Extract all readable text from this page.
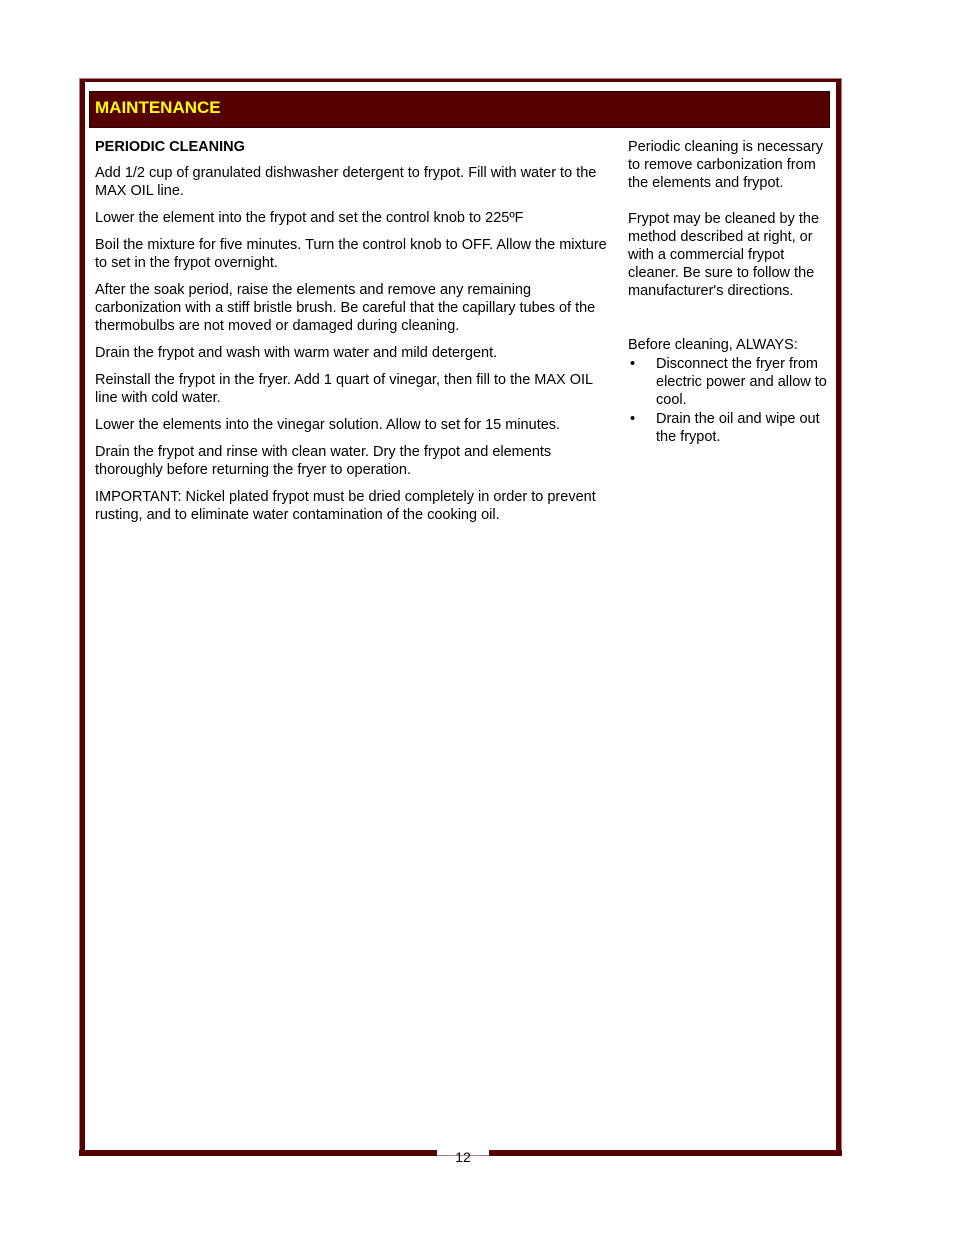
12
MAINTENANCE

PERIODIC CLEANING

Add 1/2 cup of granulated dishwasher detergent to frypot. Fill with water to the MAX OIL line.

Lower the element into the frypot and set the control knob to 225ºF

Boil the mixture for five minutes. Turn the control knob to OFF. Allow the mixture to set in the frypot overnight.

After the soak period, raise the elements and remove any remaining carbonization with a stiff bristle brush. Be careful that the capillary tubes of the thermobulbs are not moved or damaged during cleaning.

Drain the frypot and wash with warm water and mild detergent.

Reinstall the frypot in the fryer. Add 1 quart of vinegar, then fill to the MAX OIL line with cold water.

Lower the elements into the vinegar solution. Allow to set for 15 minutes.

Drain the frypot and rinse with clean water. Dry the frypot and elements thoroughly before returning the fryer to operation.

IMPORTANT: Nickel plated frypot must be dried completely in order to prevent rusting, and to eliminate water contamination of the cooking oil.

Periodic cleaning is necessary to remove carbonization from the elements and frypot.

Frypot may be cleaned by the method described at right, or with a commercial frypot cleaner. Be sure to follow the manufacturer's directions.

Before cleaning, ALWAYS:

• Disconnect the fryer from electric power and allow to cool.
• Drain the oil and wipe out the frypot.
